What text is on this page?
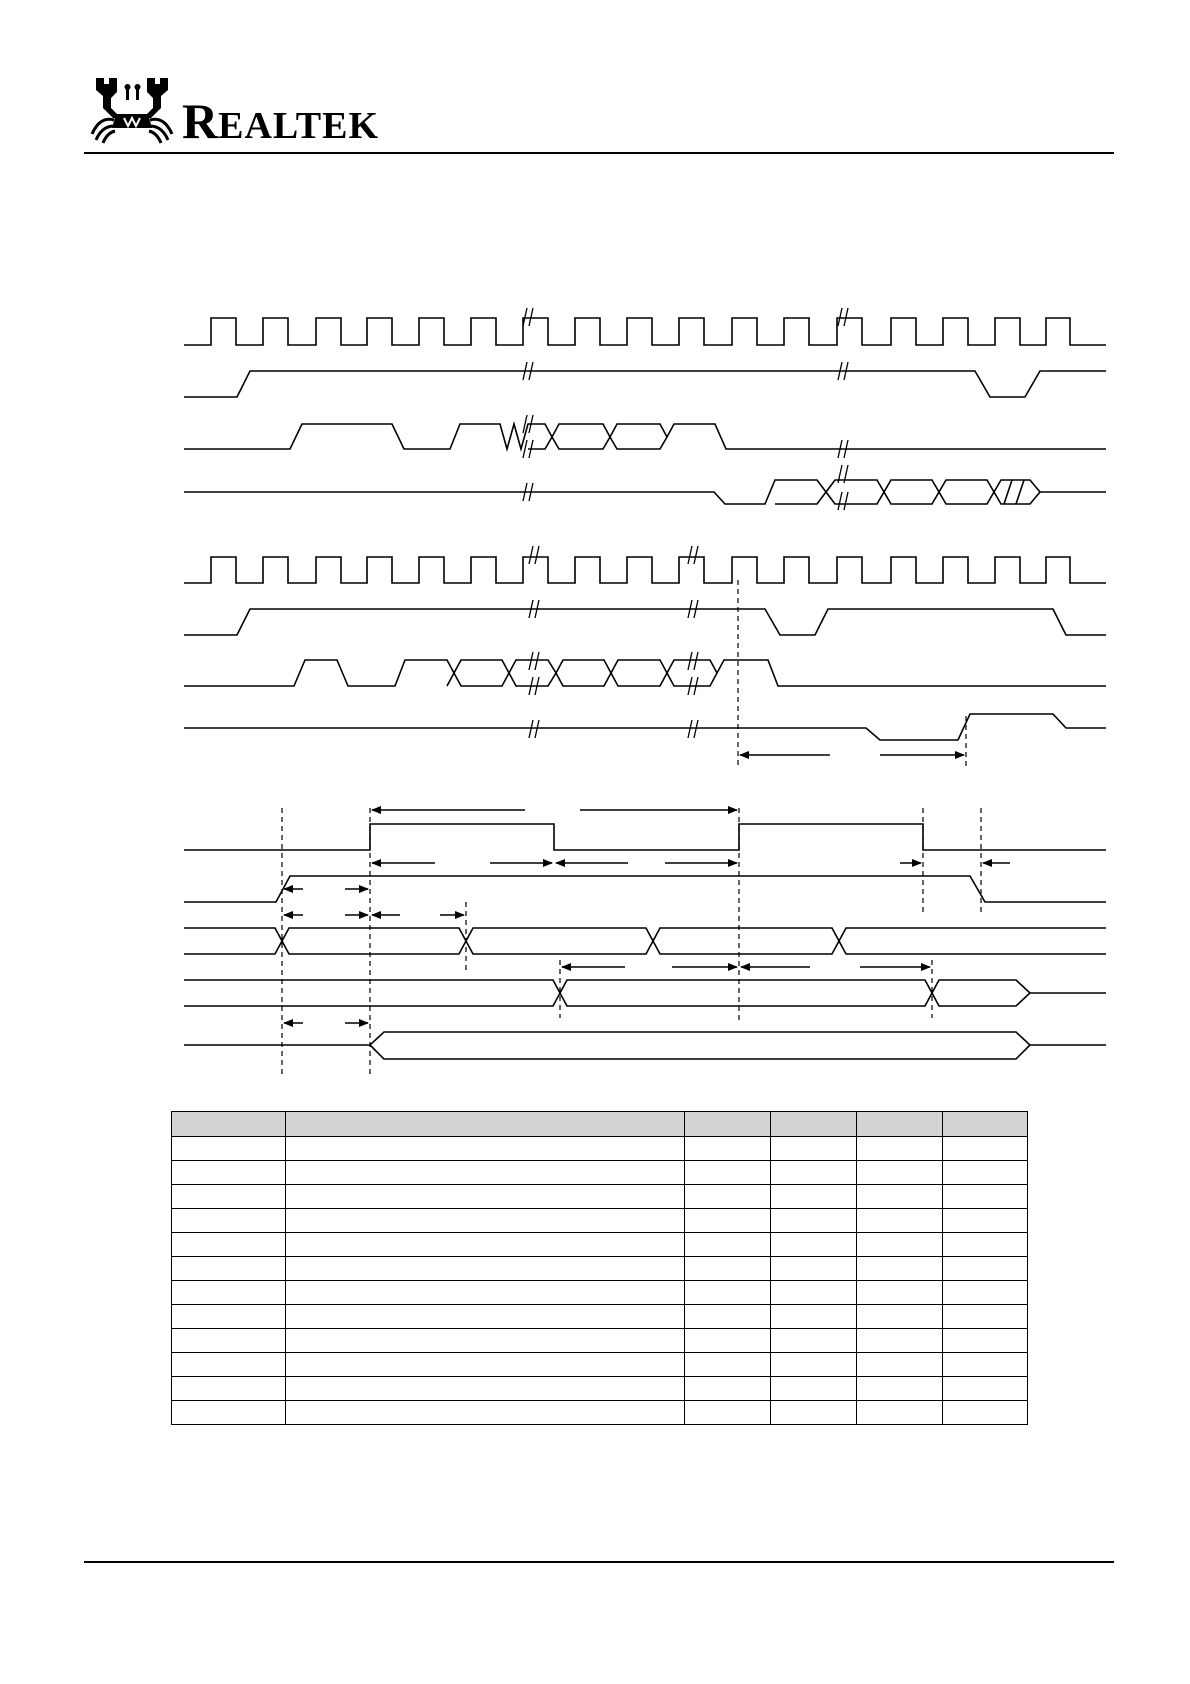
R EALTEK
